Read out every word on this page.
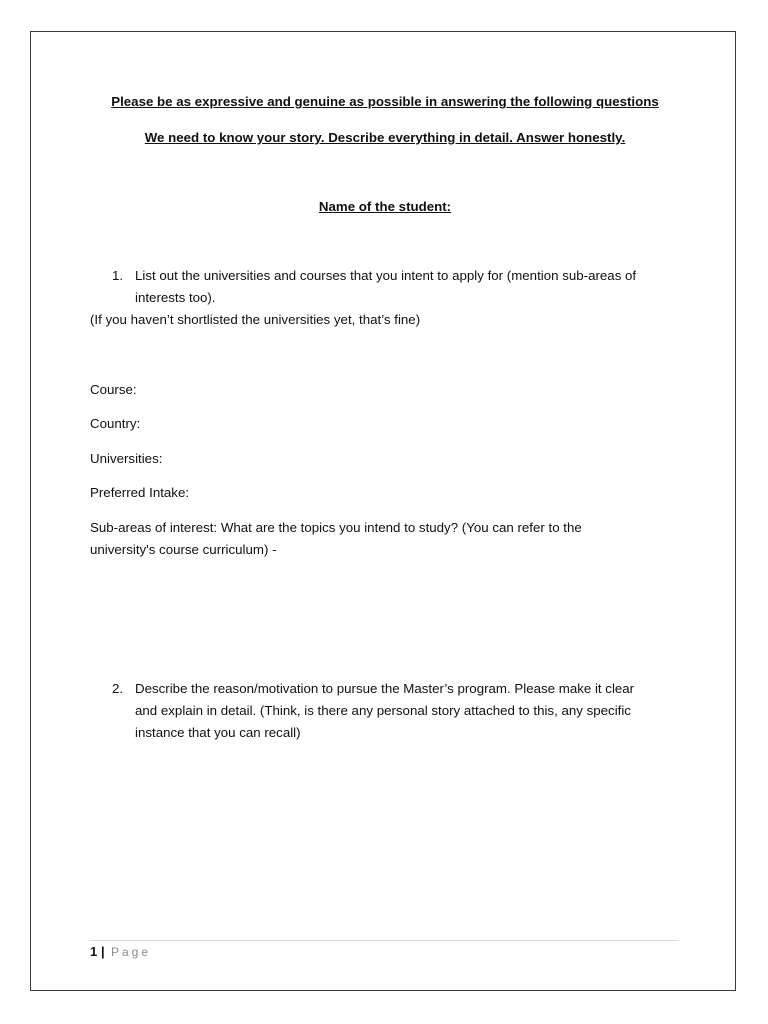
Please be as expressive and genuine as possible in answering the following questions
We need to know your story. Describe everything in detail. Answer honestly.
Name of the student:
1. List out the universities and courses that you intent to apply for (mention sub-areas of
interests too).
(If you haven’t shortlisted the universities yet, that’s fine)
Course:
Country:
Universities:
Preferred Intake:
Sub-areas of interest: What are the topics you intend to study? (You can refer to the
university's course curriculum) -
2. Describe the reason/motivation to pursue the Master’s program. Please make it clear
and explain in detail. (Think, is there any personal story attached to this, any specific
instance that you can recall)
1 | Page
